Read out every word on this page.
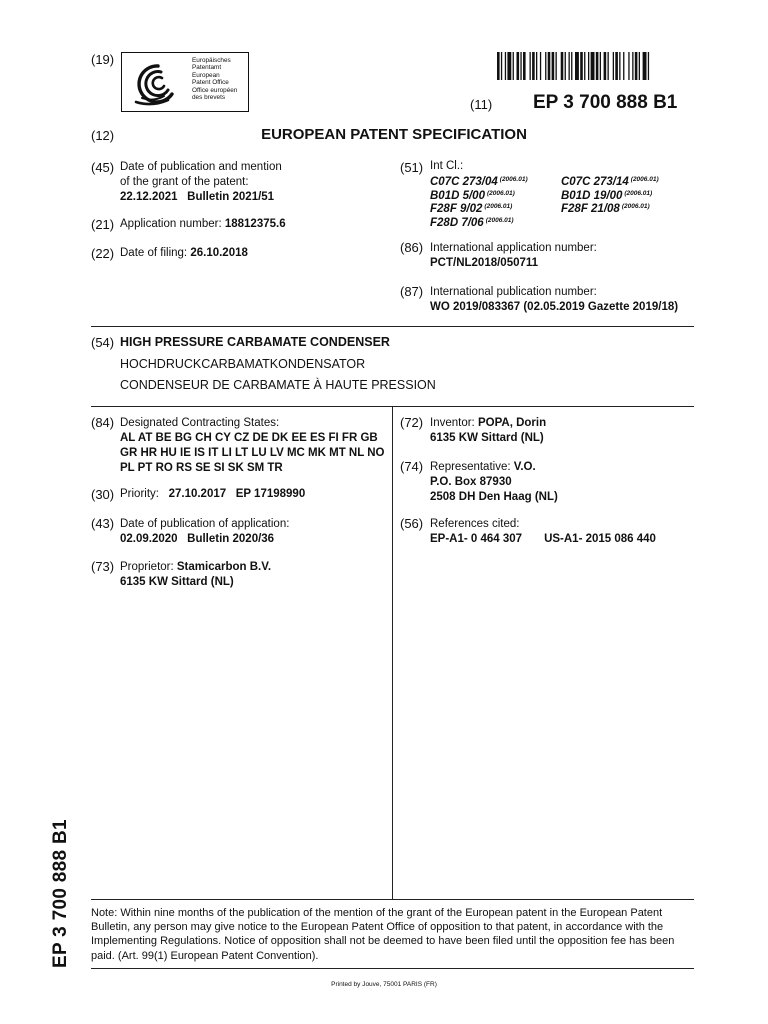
(19)	Europäisches
Patentamt
European
Patent Office
Office européen
des brevets	(11) EP 3 700 888 B1
(12)	EUROPEAN PATENT SPECIFICATION
(45) Date of publication and mention
of the grant of the patent:
22.12.2021   Bulletin 2021/51
(21) Application number: 18812375.6
(22) Date of filing: 26.10.2018
(51) Int Cl.:
C07C 273/04 $^{(2006.01)}$	C07C 273/14 $^{(2006.01)}$
B01D 5/00 $^{(2006.01)}$	B01D 19/00 $^{(2006.01)}$
F28F 9/02 $^{(2006.01)}$	F28F 21/08 $^{(2006.01)}$
F28D 7/06 $^{(2006.01)}$
(86) International application number:
PCT/NL2018/050711
(87) International publication number:
WO 2019/083367 (02.05.2019 Gazette 2019/18)
(54) HIGH PRESSURE CARBAMATE CONDENSER
HOCHDRUCKCARBAMATKONDENSATOR
CONDENSEUR DE CARBAMATE À HAUTE PRESSION
(84) Designated Contracting States:
AL AT BE BG CH CY CZ DE DK EE ES FI FR GB
GR HR HU IE IS IT LI LT LU LV MC MK MT NL NO
PL PT RO RS SE SI SK SM TR
(30) Priority: 27.10.2017   EP 17198990
(43) Date of publication of application:
02.09.2020   Bulletin 2020/36
(73) Proprietor: Stamicarbon B.V.
6135 KW Sittard (NL)
(72) Inventor: POPA, Dorin
6135 KW Sittard (NL)
(74) Representative: V.O.
P.O. Box 87930
2508 DH Den Haag (NL)
(56) References cited:
EP-A1- 0 464 307 US-A1- 2015 086 440
EP 3 700 888 B1 Note: Within nine months of the publication of the mention of the grant of the European patent in the European Patent Bulletin, any person may give notice to the European Patent Office of opposition to that patent, in accordance with the Implementing Regulations. Notice of opposition shall not be deemed to have been filed until the opposition fee has been paid. (Art. 99(1) European Patent Convention).
Printed by Jouve, 75001 PARIS (FR)
